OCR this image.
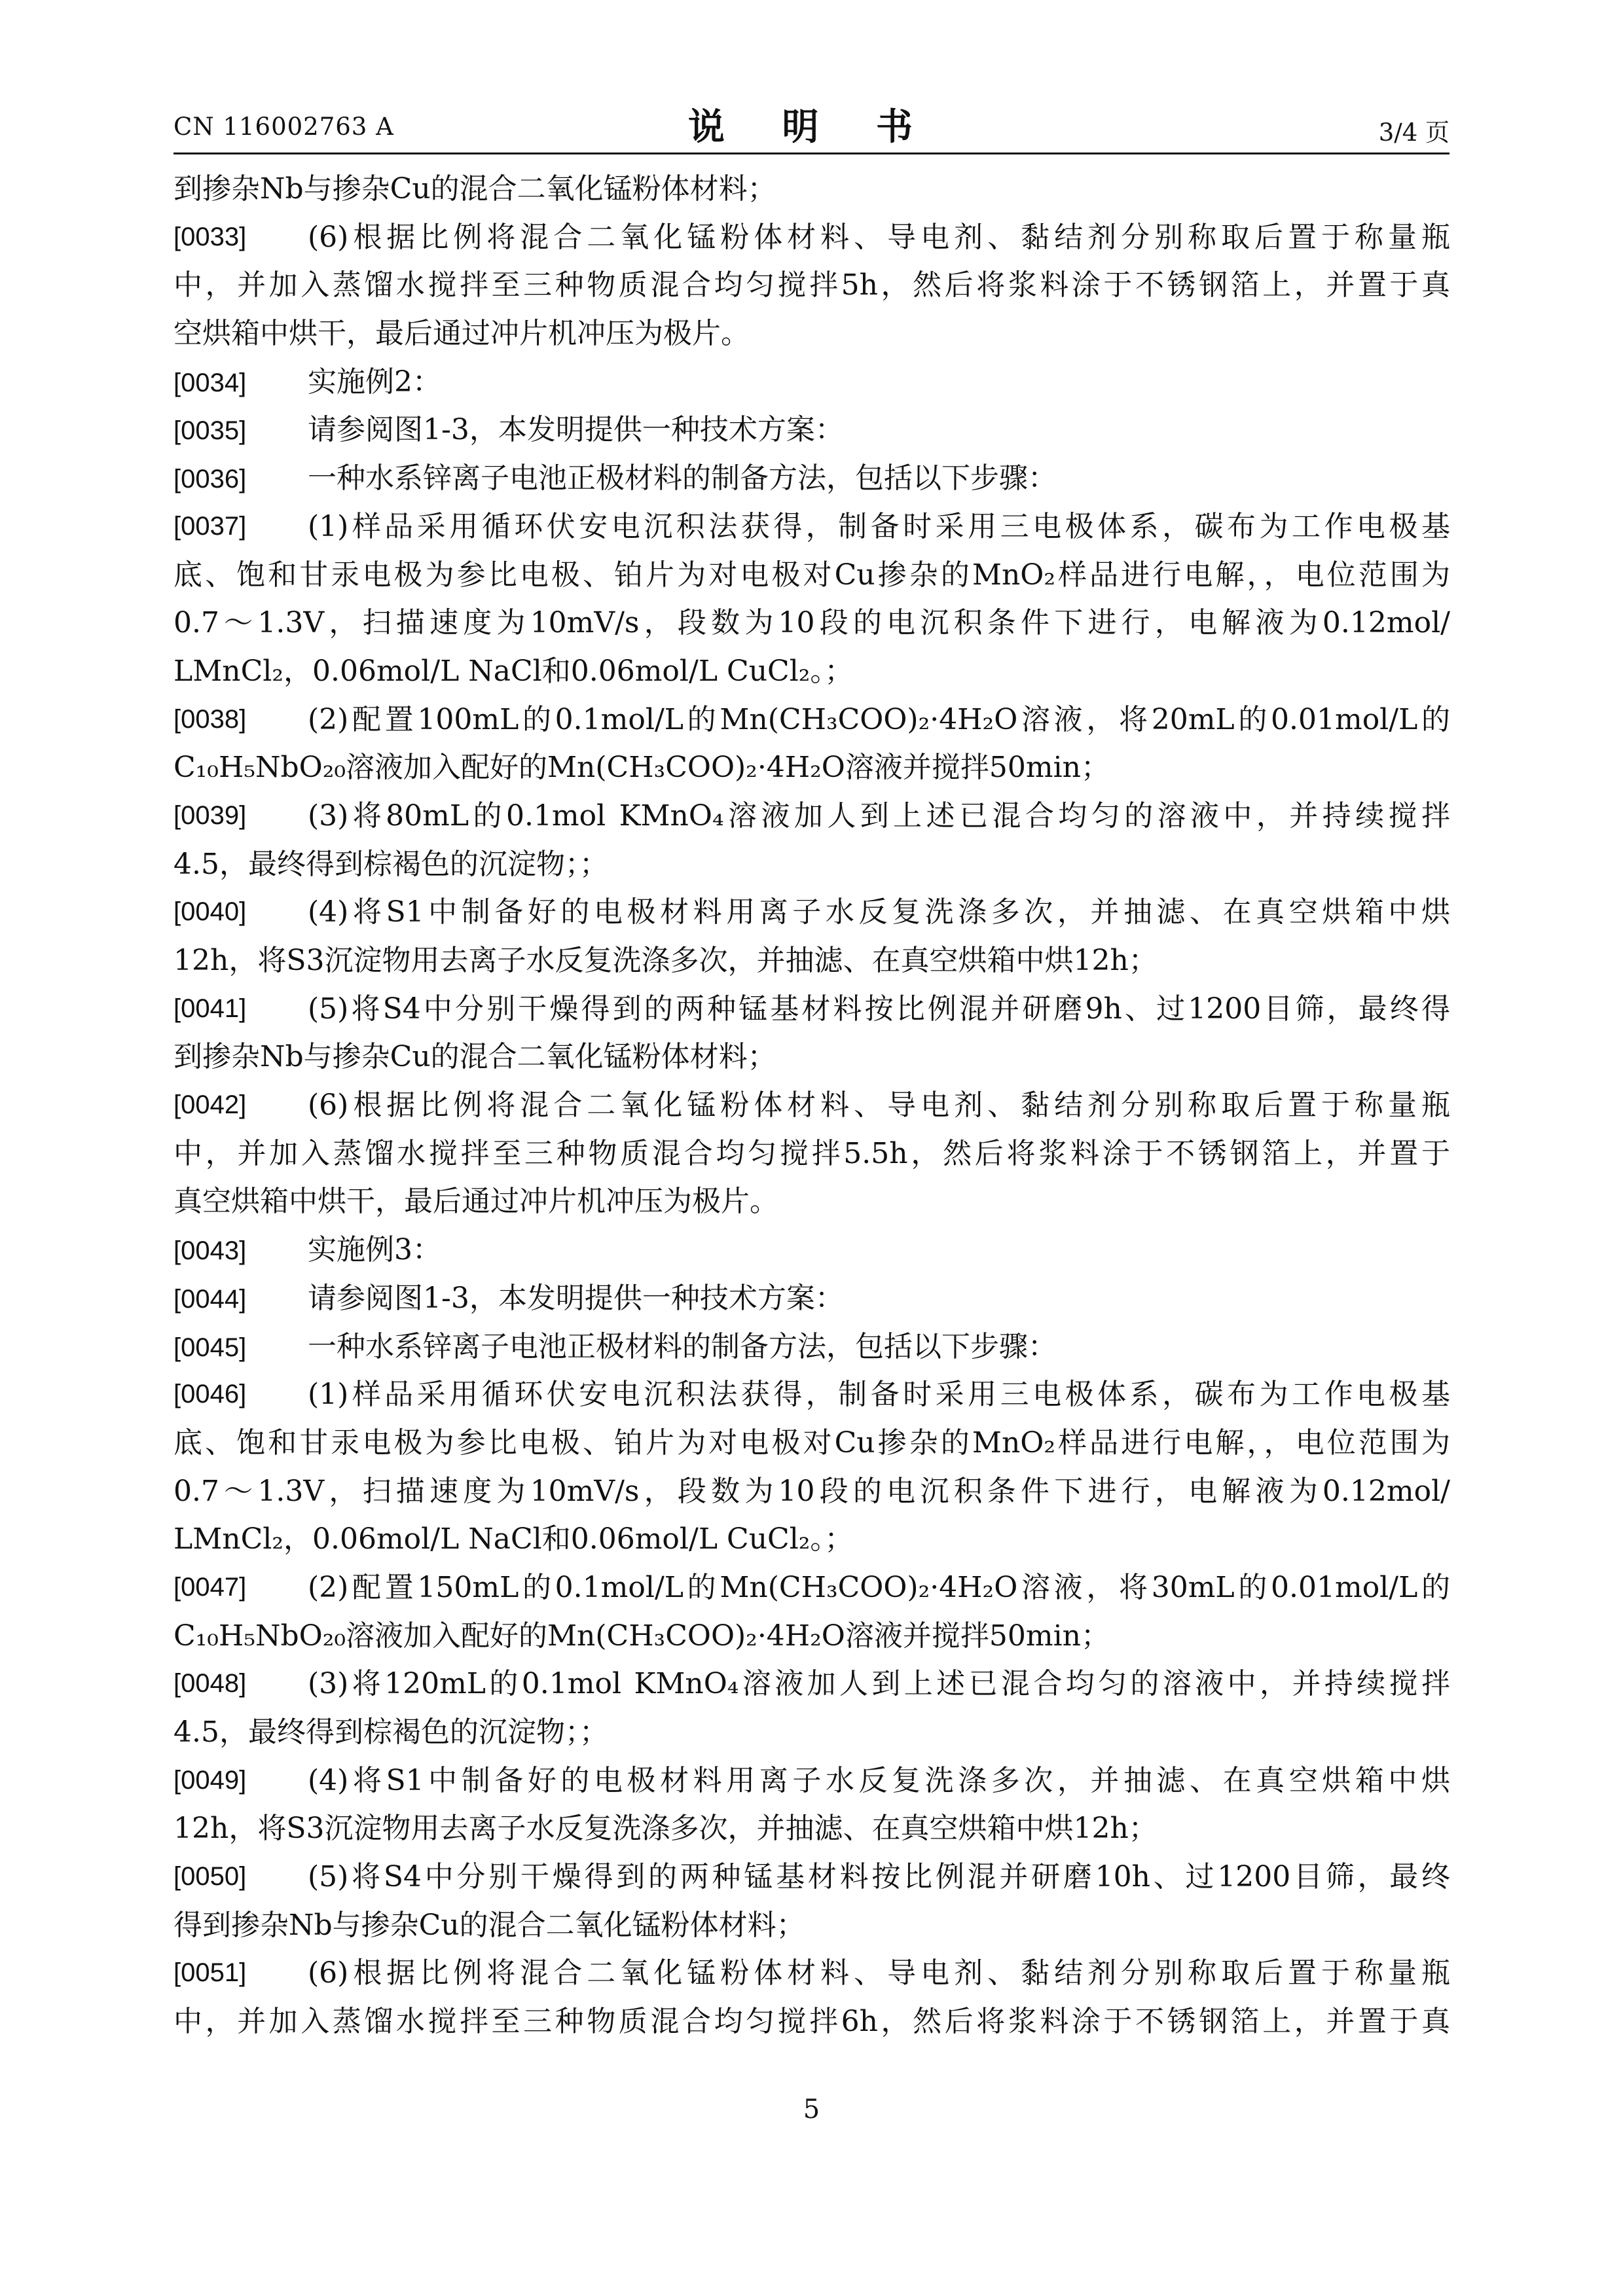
CN 116002763 A	说 明 书	3/4 页
到掺杂Nb与掺杂Cu的混合二氧化锰粉体材料；
[0033]	(6)根据比例将混合二氧化锰粉体材料、导电剂、黏结剂分别称取后置于称量瓶
中，并加入蒸馏水搅拌至三种物质混合均匀搅拌5h，然后将浆料涂于不锈钢箔上，并置于真
空烘箱中烘干，最后通过冲片机冲压为极片。
[0034] 实施例2：
[0035] 请参阅图1-3，本发明提供一种技术方案：
[0036] 一种水系锌离子电池正极材料的制备方法，包括以下步骤：
[0037]	(1)样品采用循环伏安电沉积法获得，制备时采用三电极体系，碳布为工作电极基
底、饱和甘汞电极为参比电极、铂片为对电极对Cu掺杂的MnO₂样品进行电解，，电位范围为
0.7～1.3V，扫描速度为10mV/s，段数为10段的电沉积条件下进行，电解液为0.12mol/
LMnCl₂，0.06mol/L NaCl和0.06mol/L CuCl₂。；
[0038]	(2)配置100mL的0.1mol/L的Mn(CH₃COO)₂·4H₂O溶液，将20mL的0.01mol/L的
C₁₀H₅NbO₂₀溶液加入配好的Mn(CH₃COO)₂·4H₂O溶液并搅拌50min；
[0039]	(3)将80mL的0.1mol KMnO₄溶液加人到上述已混合均匀的溶液中，并持续搅拌
4.5，最终得到棕褐色的沉淀物；；
[0040]	(4)将S1中制备好的电极材料用离子水反复洗涤多次，并抽滤、在真空烘箱中烘
12h，将S3沉淀物用去离子水反复洗涤多次，并抽滤、在真空烘箱中烘12h；
[0041]	(5)将S4中分别干燥得到的两种锰基材料按比例混并研磨9h、过1200目筛，最终得
到掺杂Nb与掺杂Cu的混合二氧化锰粉体材料；
[0042]	(6)根据比例将混合二氧化锰粉体材料、导电剂、黏结剂分别称取后置于称量瓶
中，并加入蒸馏水搅拌至三种物质混合均匀搅拌5.5h，然后将浆料涂于不锈钢箔上，并置于
真空烘箱中烘干，最后通过冲片机冲压为极片。
[0043] 实施例3：
[0044] 请参阅图1-3，本发明提供一种技术方案：
[0045] 一种水系锌离子电池正极材料的制备方法，包括以下步骤：
[0046]	(1)样品采用循环伏安电沉积法获得，制备时采用三电极体系，碳布为工作电极基
底、饱和甘汞电极为参比电极、铂片为对电极对Cu掺杂的MnO₂样品进行电解，，电位范围为
0.7～1.3V，扫描速度为10mV/s，段数为10段的电沉积条件下进行，电解液为0.12mol/
LMnCl₂，0.06mol/L NaCl和0.06mol/L CuCl₂。；
[0047]	(2)配置150mL的0.1mol/L的Mn(CH₃COO)₂·4H₂O溶液，将30mL的0.01mol/L的
C₁₀H₅NbO₂₀溶液加入配好的Mn(CH₃COO)₂·4H₂O溶液并搅拌50min；
[0048]	(3)将120mL的0.1mol KMnO₄溶液加人到上述已混合均匀的溶液中，并持续搅拌
4.5，最终得到棕褐色的沉淀物；；
[0049]	(4)将S1中制备好的电极材料用离子水反复洗涤多次，并抽滤、在真空烘箱中烘
12h，将S3沉淀物用去离子水反复洗涤多次，并抽滤、在真空烘箱中烘12h；
[0050]	(5)将S4中分别干燥得到的两种锰基材料按比例混并研磨10h、过1200目筛，最终
得到掺杂Nb与掺杂Cu的混合二氧化锰粉体材料；
[0051]	(6)根据比例将混合二氧化锰粉体材料、导电剂、黏结剂分别称取后置于称量瓶
中，并加入蒸馏水搅拌至三种物质混合均匀搅拌6h，然后将浆料涂于不锈钢箔上，并置于真
5
